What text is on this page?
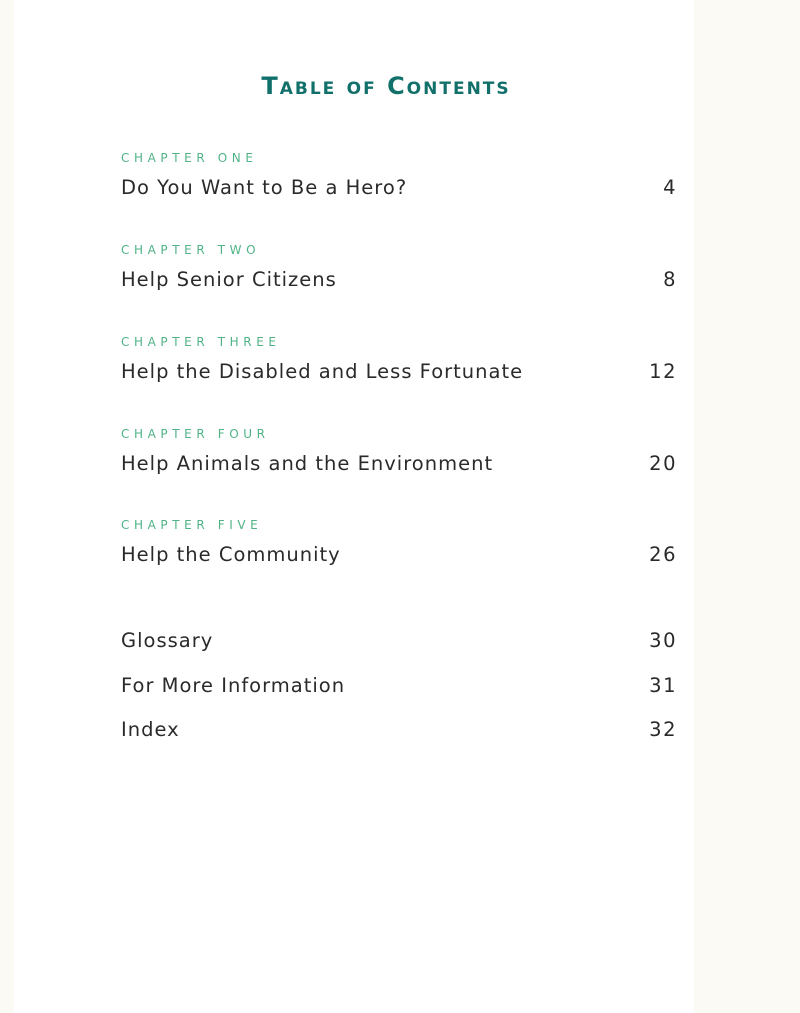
Table of Contents
CHAPTER ONE
Do You Want to Be a Hero?	4
CHAPTER TWO
Help Senior Citizens	8
CHAPTER THREE
Help the Disabled and Less Fortunate	12
CHAPTER FOUR
Help Animals and the Environment	20
CHAPTER FIVE
Help the Community	26
Glossary	30
For More Information	31
Index	32
